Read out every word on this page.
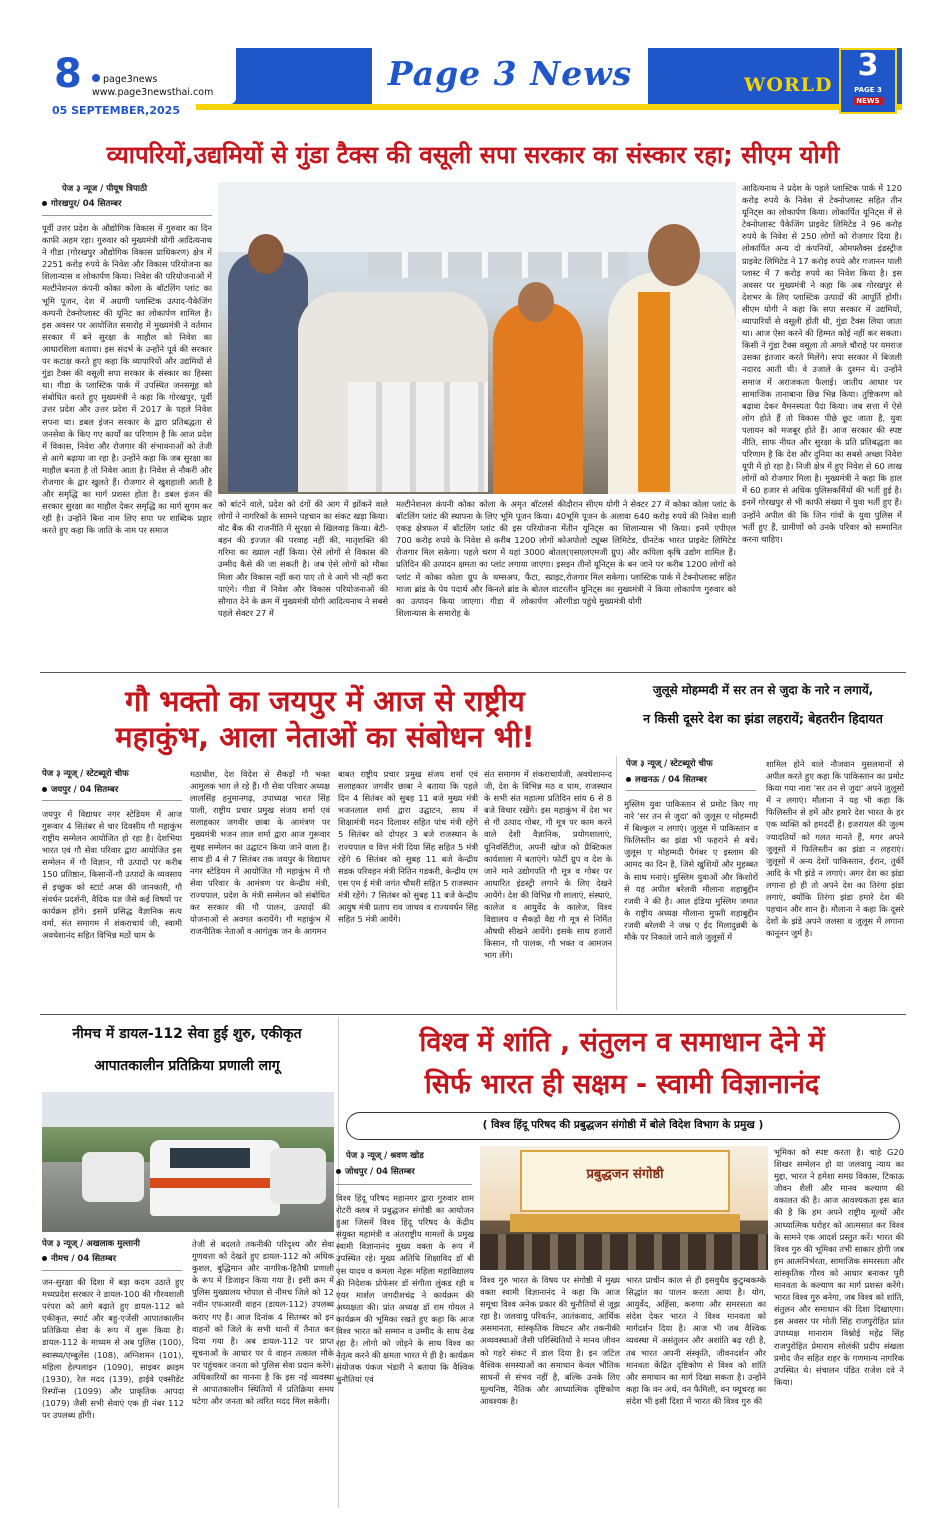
8	page3news
www.page3newsthai.com
05 SEPTEMBER,2025
Page 3 News	WORLD
3
PAGE 3
NEWS
व्यापरियों,उद्यमियों से गुंडा टैक्स की वसूली सपा सरकार का संस्कार रहा; सीएम योगी
पेज ३ न्यूज / पीयूष त्रिपाठी
गोरखपुर/ 04 सितम्बर
पूर्वी उत्तर प्रदेश के औद्योगिक विकास में गुरुवार का दिन काफी अहम रहा। गुरुवार को मुख्यमंत्री योगी आदित्यनाथ ने गीडा (गोरखपुर औद्योगिक विकास प्राधिकरण) क्षेत्र में 2251 करोड़ रुपये के निवेश और विकास परियोजना का शिलान्यास व लोकार्पण किया। निवेश की परियोजनाओं में मल्टीनेशनल कंपनी कोका कोला के बॉटलिंग प्लांट का भूमि पूजन, देश में अग्रणी प्लास्टिक उत्पाद-पैकेजिंग कम्पनी टेक्नोप्लास्ट की यूनिट का लोकार्पण शामिल है। इस अवसर पर आयोजित समारोह में मुख्यमंत्री ने वर्तमान सरकार में बने सुरक्षा के माहौल को निवेश का आधारशिला बताया। इस संदर्भ के उन्होंने पूर्व की सरकार पर कटाक्ष करते हुए कहा कि व्यापारियों और उद्यमियों से गुंडा टैक्स की वसूली सपा सरकार के संस्कार का हिस्सा था। गीडा के प्लास्टिक पार्क में उपस्थित जनसमूह को संबोधित करते हुए मुख्यमंत्री ने कहा कि गोरखपुर, पूर्वी उत्तर प्रदेश और उत्तर प्रदेश में 2017 के पहले निवेश सपना था। डबल इंजन सरकार के द्वारा प्रतिबद्धता से जनसेवा के किए गए कार्यों का परिणाम है कि आज प्रदेश में विकास, निवेश और रोजगार की संभावनाओं को तेजी से आगे बढ़ाया जा रहा है। उन्होंने कहा कि जब सुरक्षा का माहौल बनता है तो निवेश आता है। निवेश से नौकरी और रोजगार के द्वार खुलते हैं। रोजगार से खुशहाली आती है और समृद्धि का मार्ग प्रशस्त होता है। डबल इंजन की सरकार सुरक्षा का माहौल देकर समृद्धि का मार्ग सुगम कर रही है। उन्होंने बिना नाम लिए सपा पर शाब्दिक प्रहार करते हुए कहा कि जाति के नाम पर समाज
को बांटने वाले, प्रदेश को दंगों की आग में झोंकने वाले लोगों ने नागरिकों के सामने पहचान का संकट खड़ा किया। वोट बैंक की राजनीति में सुरक्षा से खिलवाड़ किया। बेटी-बहन की इज्जत की परवाह नहीं की, मातृशक्ति की गरिमा का ख्याल नहीं किया। ऐसे लोगों से विकास की उम्मीद कैसे की जा सकती है। जब ऐसे लोगों को मौका मिला और विकास नहीं करा पाए तो वे आगे भी नहीं करा पाएंगे। गीडा में निवेश और विकास परियोजनाओं की सौगात देने के क्रम में मुख्यमंत्री योगी आदित्यनाथ ने सबसे पहले सेक्टर 27 में
मल्टीनेशनल कंपनी कोका कोला के अमृत बॉटलर्स की बॉटलिंग प्लांट की स्थापना के लिए भूमि पूजन किया। 40 एकड़ क्षेत्रफल में बॉटलिंग प्लांट की इस परियोजना में 700 करोड़ रुपये के निवेश से करीब 1200 लोगों को रोजगार मिल सकेगा। पहले चरण में यहां 3000 बोतल प्रतिदिन की उत्पादन क्षमता का प्लांट लगाया जाएगा। इस प्लांट में कोका कोला ग्रुप के थम्सअप, फैंटा, स्प्राइट, माजा ब्रांड के पेय पदार्थ और किनले ब्रांड के बोतल वाटर का उत्पादन किया जाएगा। गीडा में लोकार्पण और शिलान्यास के समारोह के
दौरान सीएम योगी ने सेक्टर 27 में कोका कोला प्लांट के भूमि पूजन के अलावा 640 करोड़ रुपये की निवेश वाली तीन यूनिट्स का शिलान्यास भी किया। इनमें एपीएल अपोलो ट्यूब्स लिमिटेड, ग्रीनटेक भारत प्राइवेट लिमिटेड (एसएलएमजी ग्रुप) और कपिला कृषि उद्योग शामिल हैं। इन तीनों यूनिट्स के बन जाने पर करीब 1200 लोगों को रोजगार मिल सकेगा। प्लास्टिक पार्क में टेक्नोप्लास्ट सहित तीन यूनिट्स का मुख्यमंत्री ने किया लोकार्पण गुरुवार को गीडा पहुंचे मुख्यमंत्री योगी
आदित्यनाथ ने प्रदेश के पहले प्लास्टिक पार्क में 120 करोड़ रुपये के निवेश से टेक्नोप्लास्ट सहित तीन यूनिट्स का लोकार्पण किया। लोकार्पित यूनिट्स में से टेक्नोप्लास्ट पैकेजिंग प्राइवेट लिमिटेड ने 96 करोड़ रुपये के निवेश से 250 लोगों को रोजगार दिया है। लोकार्पित अन्य दो कंपनियों, ओमफ्लैक्स इंडस्ट्रीज प्राइवेट लिमिटेड ने 17 करोड़ रुपये और गजानन पाली प्लास्ट में 7 करोड़ रुपये का निवेश किया है। इस अवसर पर मुख्यमंत्री ने कहा कि अब गोरखपुर से देशभर के लिए प्लास्टिक उत्पादों की आपूर्ति होगी। सीएम योगी ने कहा कि सपा सरकार में उद्यमियों, व्यापारियों से वसूली होती थी, गुंडा टैक्स लिया जाता था। आज ऐसा करने की हिम्मत कोई नहीं कर सकता। किसी ने गुंडा टैक्स वसूला तो अगले चौराहे पर यमराज उसका इंतजार करते मिलेंगे। सपा सरकार में बिजली नदारद आती थी। वे उजाले के दुश्मन थे। उन्होंने समाज में अराजकता फैलाई। जातीय आधार पर सामाजिक तानाबाना छिन्न भिन्न किया। तुष्टिकरण को बढ़ावा देकर वैमनस्यता पैदा किया। जब सत्ता में ऐसे लोग होते हैं तो विकास पीछे छूट जाता है, युवा पलायन को मजबूर होते हैं। आज सरकार की स्पष्ट नीति, साफ नीयत और सुरक्षा के प्रति प्रतिबद्धता का परिणाम है कि देश और दुनिया का सबसे अच्छा निवेश यूपी में हो रहा है। निजी क्षेत्र में हुए निवेश से 60 लाख लोगों को रोजगार मिला है। मुख्यमंत्री ने कहा कि हाल में 60 हजार से अधिक पुलिसकर्मियों की भर्ती हुई है। इनमें गोरखपुर से भी काफी संख्या में युवा भर्ती हुए हैं। उन्होंने अपील की कि जिन गांवों के युवा पुलिस में भर्ती हुए हैं, ग्रामीणों को उनके परिवार को सम्मानित करना चाहिए।
गौ भक्तो का जयपुर में आज से राष्ट्रीय
महाकुंभ, आला नेताओं का संबोधन भी!
पेज ३ न्यूज् / स्टेटब्यूरो चीफ
जयपुर / 04 सितम्बर
जयपुर में विद्याधर नगर स्टेडियम में आज गुरूवार 4 सितंबर से चार दिवसीय गौ महाकुंभ राष्ट्रीय सम्मेलन आयोजित हो रहा है। देशभिया भारत एवं गौ सेवा परिवार द्वारा आयोजित इस सम्मेलन में गौ विज्ञान, गौ उत्पादों पर करीब 150 प्रतिष्ठान, किसानों-गौ उत्पादों के व्यवसाय से इच्छुक को स्टार्ट अप्स की जानकारी, गौ संवर्धन प्रदर्शनी, वैदिक यज्ञ जैसे कई विषयों पर कार्यक्रम होंगे। इसमें प्रसिद्ध वैज्ञानिक सत्य वर्मा, संत समागम में शंकराचार्य जी, स्वामी अवधेशानंद सहित विभिन्न मठों धाम के
मठाधीश, देश विदेश से सैकड़ों गौ भक्त आमुलक भाग ले रहे हैं। गौ सेवा परिवार अध्यक्ष लालसिंह हनुमानगढ़, उपाध्यक्ष भारत सिंह पाली, राष्ट्रीय प्रचार प्रमुख संजय शर्मा एवं सलाहकार जगवीर छाबा के आमंत्रण पर मुख्यमंत्री भजन लाल शर्मा द्वारा आज गुरूवार सुबह सम्मेलन का उद्घाटन किया जाने वाला है। साथ ही 4 से 7 सितंबर तक जयपुर के विद्याधर नगर स्टेडियम में आयोजित गौ महाकुंभ में गौ सेवा परिवार के आमंत्रण पर केन्द्रीय मंत्री, राज्यपाल, प्रदेश के मंत्री सम्मेलन को संबोधित कर सरकार की गौ पालन, उत्पादों की योजनाओं से अवगत करायेंगे। गौ महाकुंभ में राजनीतिक नेताओं व आगंतुक जन के आगमन
बाबत राष्ट्रीय प्रचार प्रमुख संजय शर्मा एवं सलाहकार जगवीर छाबा ने बताया कि पहले दिन 4 सितंबर को सुबह 11 बजे मुख्य मंत्री भजनलाल शर्मा द्वारा उद्घाटन, साथ में शिक्षामंत्री मदन दिलावर सहित पांच मंत्री रहेंगे 5 सितंबर को दोपहर 3 बजे राजस्थान के राज्यपाल व वित्त मंत्री दिया सिंह सहित 5 मंत्री रहेंगे 6 सितंबर को सुबह 11 बजे केन्द्रीय सडक परिवहन मंत्री नितिन गडकरी, केन्द्रीय एम एस एम ई मंत्री जगंत चौधरी सहित 5 राजस्थान मंत्री रहेंगे। 7 सितंबर को सुबह 11 बजे केन्द्रीय आयुष मंत्री प्रताप राव जाधव व राज्यवर्धन सिंह सहित 5 मंत्री आयेंगे।
संत समागम में शंकराचार्यजी, अवधेशानन्द जी, देश के विभिन्न मठ व धाम, राजस्थान के सभी संत महात्मा प्रतिदिन सांय 6 से 8 बजे विचार रखेंगे। इस महाकुंभ में देश भर से गौ उत्पाद गोबर, गौ मूत्र पर काम करने वाले देशी वैज्ञानिक, प्रयोगशालाएं, यूनिवर्सिटीज, अपनी खोज को प्रैक्टिकल कार्यशाला में बताएंगे। फोर्टी ग्रुप व देश के जाने माने उद्योगपति गौ मूत्र व गोबर पर आधारित इंडस्ट्री लगाने के लिए देखने आयेंगे। देश की विभिन्न गौ शालाएं, संस्थाएं, कालेज व आयुर्वेद के कालेज, विश्व विद्यालय व सैकड़ों वैद्य गौ मूत्र से निर्मित औषधी सीखने आयेंगे। इसके साथ हजारों किसान, गौ पालक, गौ भक्त व आमजन भाग लेंगे।
जुलूसे मोहम्मदी में सर तन से जुदा के नारे न लगायें,
न किसी दूसरे देश का झंडा लहरायें; बेहतरीन हिदायत
पेज ३ न्यूज् / स्टेटब्यूरो चीफ
लखनऊ / 04 सितम्बर
मुस्लिम युवा पाकिस्तान से प्रमोट किए गए नारे 'सर तन से जुदा' को जुलूस ए मोहम्मदी में बिल्कुल न लगाएं। जुलूस में पाकिस्तान व फिलिस्तीन का झंडा भी फहराने से बचें। जुलूस ए मोहम्मदी पैगंबर ए इस्लाम की आमद का दिन है, जिसे खुशियों और मुहब्बत के साथ मनाएं। मुस्लिम युवाओं और किशोरों से यह अपील बरेलवी मौलाना शहाबुद्दीन रजवी ने की है। आल इंडिया मुस्लिम जमात के राष्ट्रीय अध्यक्ष मौलाना मुफ्ती शहाबुद्दीन रजवी बरेलवी ने जश्न ए ईद मिलादुन्नबी के मौके पर निकाले जाने वाले जुलूसों में
शामिल होने वाले नौजवान मुसलमानों से अपील करते हुए कहा कि पाकिस्तान का प्रमोट किया गया नारा 'सर तन से जुदा' अपने जुलूसों में न लगाएं। मौलाना ने यह भी कहा कि फिलिस्तीन से हमें और हमारे देश भारत के हर एक व्यक्ति को हमदर्दी है। इजरायल की जुल्म ज्यादतियों को गलत मानते हैं, मगर अपने जुलूसों में फिलिस्तीन का झंडा न लहराएं। जुलूसों में अन्य देशों पाकिस्तान, ईरान, तुर्की आदि के भी झंडे न लगाएं। अगर देश का झंडा लगाना हो ही तो अपने देश का तिरंगा झंडा लगाएं, क्योंकि तिरंगा झंडा हमारे देश की पहचान और शान है। मौलाना ने कहा कि दूसरे देशों के झंडे अपने जलसा व जुलूस में लगाना कानूनन जुर्म है।
नीमच में डायल-112 सेवा हुई शुरु, एकीकृत
आपातकालीन प्रतिक्रिया प्रणाली लागू
पेज ३ न्यूज् / अखलाक मुल्तानी
नीमच / 04 सितम्बर
जन-सुरक्षा की दिशा में बड़ा कदम उठाते हुए मध्यप्रदेश सरकार ने डायल-100 की गौरवशाली परंपरा को आगे बढ़ाते हुए डायल-112 को एकीकृत, स्मार्ट और बहु-एजेंसी आपातकालीन प्रतिक्रिया सेवा के रूप में शुरू किया है। डायल-112 के माध्यम से अब पुलिस (100), स्वास्थ्य/एम्बुलेंस (108), अग्निशमन (101), महिला हेल्पलाइन (1090), साइबर क्राइम (1930), रेल मदद (139), हाईवे एक्सीडेंट रिस्पॉन्स (1099) और प्राकृतिक आपदा (1079) जैसी सभी सेवाएं एक ही नंबर 112 पर उपलब्ध होंगी।
तेजी से बदलते तकनीकी परिदृश्य और सेवा गुणवत्ता को देखते हुए डायल-112 को अधिक कुशल, बुद्धिमान और नागरिक-हितैषी प्रणाली के रूप में डिजाइन किया गया है। इसी क्रम में पुलिस मुख्यालय भोपाल से नीमच जिले को 12 नवीन एफआरवी वाहन (डायल-112) उपलब्ध कराए गए हैं। आज दिनांक 4 सितम्बर को इन वाहनों को जिले के सभी थानों में तैनात कर दिया गया है। अब डायल-112 पर प्राप्त सूचनाओं के आधार पर ये वाहन तत्काल मौके पर पहुंचकर जनता को पुलिस सेवा प्रदान करेंगे। अधिकारियों का मानना है कि इस नई व्यवस्था से आपातकालीन स्थितियों में प्रतिक्रिया समय घटेगा और जनता को त्वरित मदद मिल सकेगी।
विश्व में शांति , संतुलन व समाधान देने में
सिर्फ भारत ही सक्षम - स्वामी विज्ञानानंद
( विश्व हिंदू परिषद की प्रबुद्धजन संगोष्ठी में बोले विदेश विभाग के प्रमुख )
पेज ३ न्यूज् / श्रवण खोड
जोधपुर / 04 सितम्बर
विश्व हिंदू परिषद महानगर द्वारा गुरुवार शाम रोटरी क्लब में प्रबुद्धजन संगोष्ठी का आयोजन हुआ जिसमें विश्व हिंदू परिषद के केंद्रीय संयुक्त महामंत्री व अंतराष्ट्रीय मामलों के प्रमुख स्वामी विज्ञानानंद मुख्य वक्ता के रूप में उपस्थित रहे। मुख्य अतिथि शिक्षाविद डॉ बी एस यादव व कमला नेहरू महिला महाविद्यालय की निदेशक प्रोफेसर डॉ संगीता लुंकड रही व एयर मार्शल जगदीशचंद्र ने कार्यक्रम की अध्यक्षता की। प्रांत अध्यक्ष डॉ राम गोयल ने कार्यक्रम की भूमिका रखते हुए कहा कि आज विश्व भारत को सम्मान व उम्मीद के साथ देख रहा है। लोगो को जोड़ने के साथ विश्व का नेतृत्व करने की क्षमता भारत मे ही है। कार्यक्रम संयोजक पंकज भंडारी ने बताया कि वैश्विक चुनौतियां एवं
प्रबुद्धजन संगोष्ठी
विश्व गुरु भारत के विषय पर संगोष्ठी में मुख्य वक्ता स्वामी विज्ञानानंद ने कहा कि आज समूचा विश्व अनेक प्रकार की चुनौतियों से जूझ रहा है। जलवायु परिवर्तन, आतंकवाद, आर्थिक असमानता, सांस्कृतिक विघटन और तकनीकी अव्यवस्थाओं जैसी परिस्थितियों ने मानव जीवन को गहरे संकट में डाल दिया है। इन जटिल वैश्विक समस्याओं का समाधान केवल भौतिक साधनों से संभव नहीं है, बल्कि उनके लिए मूल्यनिष्ठ, नैतिक और आध्यात्मिक दृष्टिकोण आवश्यक है।
भारत प्राचीन काल से ही इसवुधैव कुटुम्बकम्के सिद्धांत का पालन करता आया है। योग, आयुर्वेद, अहिंसा, करुणा और समरसता का संदेश देकर भारत ने विश्व मानवता को मार्गदर्शन दिया है। आज भी जब वैश्विक व्यवस्था में असंतुलन और अशांति बढ़ रही है, तब भारत अपनी संस्कृति, जीवनदर्शन और मानवता केंद्रित दृष्टिकोण से विश्व को शांति और समाधान का मार्ग दिखा सकता है। उन्होंने कहा कि वन अर्थ, वन फैमिली, वन फ्यूचरह का संदेश भी इसी दिशा में भारत की विश्व गुरु की
भूमिका को स्पष्ट करता है। चाहे G20 शिखर सम्मेलन हो या जलवायु न्याय का मुद्दा, भारत ने हमेशा समग्र विकास, टिकाऊ जीवन शैली और मानव कल्याण की वकालत की है। आज आवश्यकता इस बात की है कि हम अपने राष्ट्रीय मूल्यों और आध्यात्मिक धरोहर को आत्मसात कर विश्व के सामने एक आदर्श प्रस्तुत करें। भारत की विश्व गुरु की भूमिका तभी साकार होगी जब हम आत्मनिर्भरता, सामाजिक समरसता और सांस्कृतिक गौरव को आधार बनाकर पूरी मानवता के कल्याण का मार्ग प्रशस्त करेंगे। भारत विश्व गुरु बनेगा, जब विश्व को शांति, संतुलन और समाधान की दिशा दिखाएगा। इस अवसर पर मोती सिंह राजपुरोहित प्रांत उपाध्यक्ष मानाराम विश्नोई महेंद्र सिंह राजपुरोहित प्रेमाराम सोलंकी प्रदीप संखला प्रमोद जैन सहित शहर के गणमान्य नागरिक उपस्थित थे। संचालन पंडित राजेश दवे ने किया।
